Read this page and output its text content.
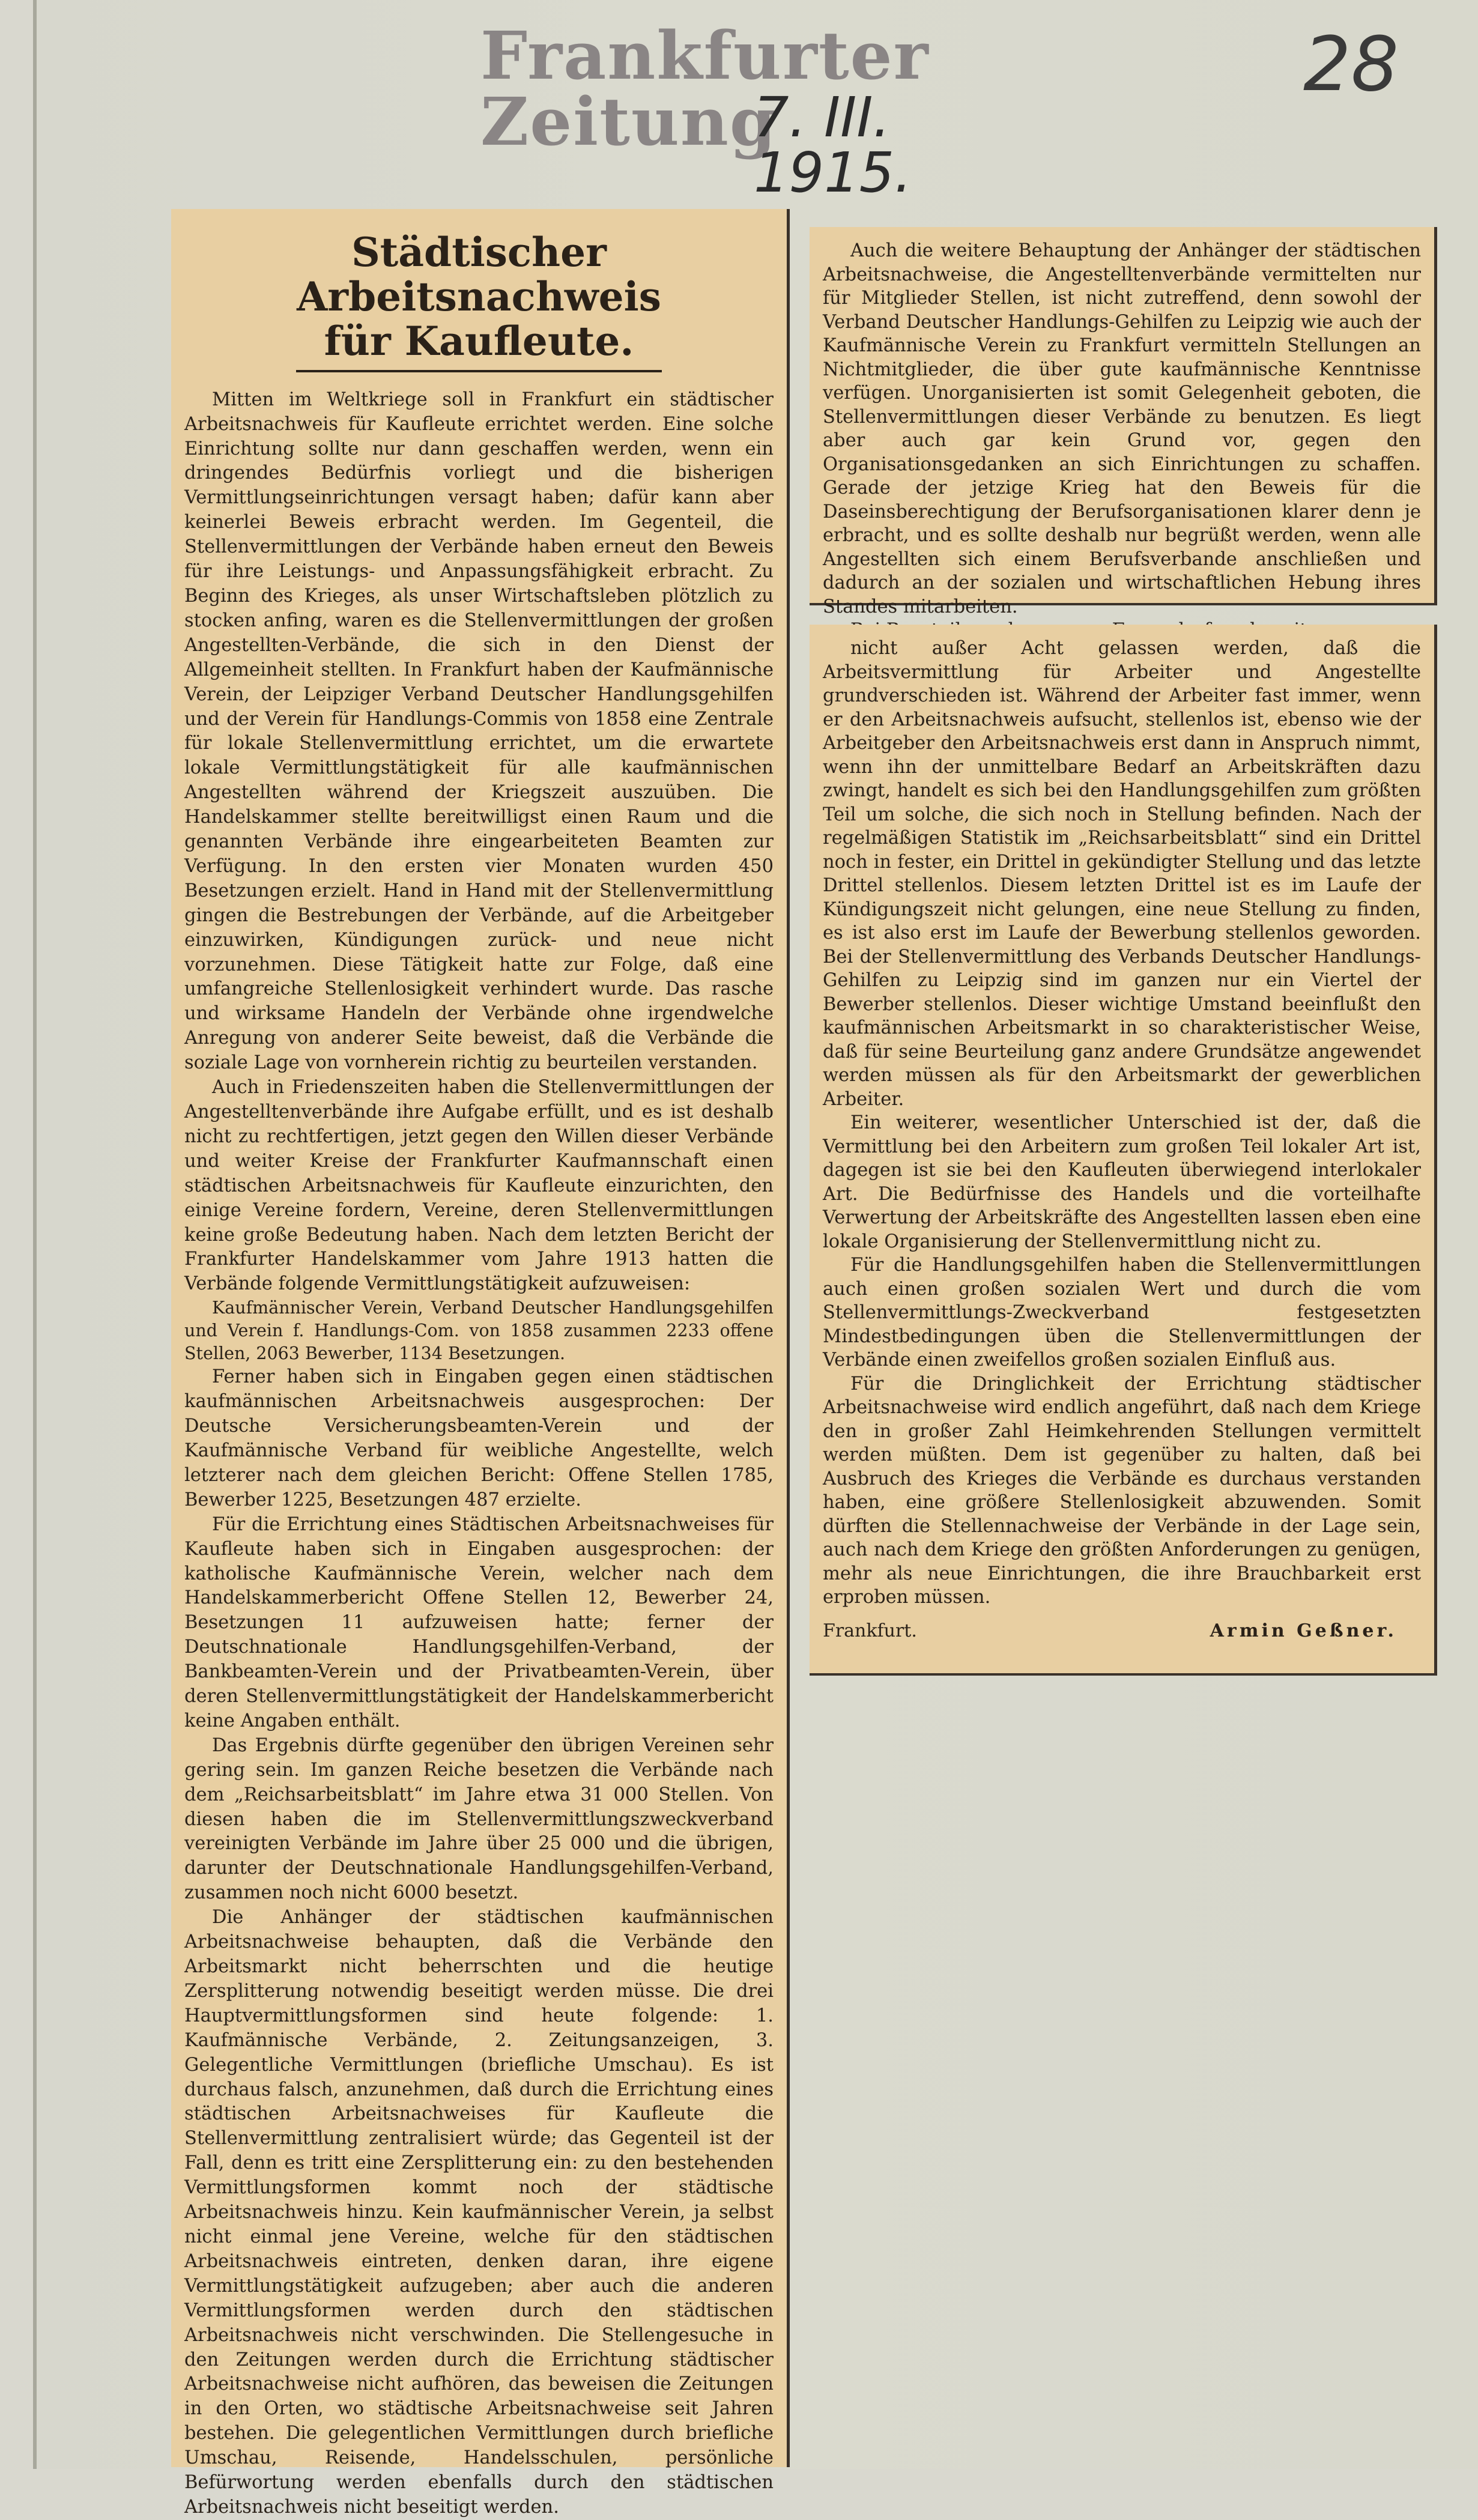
Frankfurter Zeitung
7. III. 1915.
28
Städtischer Arbeitsnachweis
für Kaufleute.

Mitten im Weltkriege soll in Frankfurt ein städtischer Arbeitsnachweis für Kaufleute errichtet werden. Eine solche Einrichtung sollte nur dann geschaffen werden, wenn ein dringendes Bedürfnis vorliegt und die bisherigen Vermittlungseinrichtungen versagt haben; dafür kann aber keinerlei Beweis erbracht werden. Im Gegenteil, die Stellenvermittlungen der Verbände haben erneut den Beweis für ihre Leistungs- und Anpassungsfähigkeit erbracht. Zu Beginn des Krieges, als unser Wirtschaftsleben plötzlich zu stocken anfing, waren es die Stellenvermittlungen der großen Angestellten-Verbände, die sich in den Dienst der Allgemeinheit stellten. In Frankfurt haben der Kaufmännische Verein, der Leipziger Verband Deutscher Handlungsgehilfen und der Verein für Handlungs-Commis von 1858 eine Zentrale für lokale Stellenvermittlung errichtet, um die erwartete lokale Vermittlungstätigkeit für alle kaufmännischen Angestellten während der Kriegszeit auszuüben. Die Handelskammer stellte bereitwilligst einen Raum und die genannten Verbände ihre eingearbeiteten Beamten zur Verfügung. In den ersten vier Monaten wurden 450 Besetzungen erzielt. Hand in Hand mit der Stellenvermittlung gingen die Bestrebungen der Verbände, auf die Arbeitgeber einzuwirken, Kündigungen zurück- und neue nicht vorzunehmen. Diese Tätigkeit hatte zur Folge, daß eine umfangreiche Stellenlosigkeit verhindert wurde. Das rasche und wirksame Handeln der Verbände ohne irgendwelche Anregung von anderer Seite beweist, daß die Verbände die soziale Lage von vornherein richtig zu beurteilen verstanden.

Auch in Friedenszeiten haben die Stellenvermittlungen der Angestelltenverbände ihre Aufgabe erfüllt, und es ist deshalb nicht zu rechtfertigen, jetzt gegen den Willen dieser Verbände und weiter Kreise der Frankfurter Kaufmannschaft einen städtischen Arbeitsnachweis für Kaufleute einzurichten, den einige Vereine fordern, Vereine, deren Stellenvermittlungen keine große Bedeutung haben. Nach dem letzten Bericht der Frankfurter Handelskammer vom Jahre 1913 hatten die Verbände folgende Vermittlungstätigkeit aufzuweisen:

Kaufmännischer Verein, Verband Deutscher Handlungsgehilfen und Verein f. Handlungs-Com. von 1858 zusammen 2233 offene Stellen, 2063 Bewerber, 1134 Besetzungen.

Ferner haben sich in Eingaben gegen einen städtischen kaufmännischen Arbeitsnachweis ausgesprochen: Der Deutsche Versicherungsbeamten-Verein und der Kaufmännische Verband für weibliche Angestellte, welch letzterer nach dem gleichen Bericht: Offene Stellen 1785, Bewerber 1225, Besetzungen 487 erzielte.

Für die Errichtung eines Städtischen Arbeitsnachweises für Kaufleute haben sich in Eingaben ausgesprochen: der katholische Kaufmännische Verein, welcher nach dem Handelskammerbericht Offene Stellen 12, Bewerber 24, Besetzungen 11 aufzuweisen hatte; ferner der Deutschnationale Handlungsgehilfen-Verband, der Bankbeamten-Verein und der Privatbeamten-Verein, über deren Stellenvermittlungstätigkeit der Handelskammerbericht keine Angaben enthält.

Das Ergebnis dürfte gegenüber den übrigen Vereinen sehr gering sein. Im ganzen Reiche besetzen die Verbände nach dem „Reichsarbeitsblatt“ im Jahre etwa 31 000 Stellen. Von diesen haben die im Stellenvermittlungszweckverband vereinigten Verbände im Jahre über 25 000 und die übrigen, darunter der Deutschnationale Handlungsgehilfen-Verband, zusammen noch nicht 6000 besetzt.

Die Anhänger der städtischen kaufmännischen Arbeitsnachweise behaupten, daß die Verbände den Arbeitsmarkt nicht beherrschten und die heutige Zersplitterung notwendig beseitigt werden müsse. Die drei Hauptvermittlungsformen sind heute folgende: 1. Kaufmännische Verbände, 2. Zeitungsanzeigen, 3. Gelegentliche Vermittlungen (briefliche Umschau). Es ist durchaus falsch, anzunehmen, daß durch die Errichtung eines städtischen Arbeitsnachweises für Kaufleute die Stellenvermittlung zentralisiert würde; das Gegenteil ist der Fall, denn es tritt eine Zersplitterung ein: zu den bestehenden Vermittlungsformen kommt noch der städtische Arbeitsnachweis hinzu. Kein kaufmännischer Verein, ja selbst nicht einmal jene Vereine, welche für den städtischen Arbeitsnachweis eintreten, denken daran, ihre eigene Vermittlungstätigkeit aufzugeben; aber auch die anderen Vermittlungsformen werden durch den städtischen Arbeitsnachweis nicht verschwinden. Die Stellengesuche in den Zeitungen werden durch die Errichtung städtischer Arbeitsnachweise nicht aufhören, das beweisen die Zeitungen in den Orten, wo städtische Arbeitsnachweise seit Jahren bestehen. Die gelegentlichen Vermittlungen durch briefliche Umschau, Reisende, Handelsschulen, persönliche Befürwortung werden ebenfalls durch den städtischen Arbeitsnachweis nicht beseitigt werden.

Auch die weitere Behauptung der Anhänger der städtischen Arbeitsnachweise, die Angestelltenverbände vermittelten nur für Mitglieder Stellen, ist nicht zutreffend, denn sowohl der Verband Deutscher Handlungs-Gehilfen zu Leipzig wie auch der Kaufmännische Verein zu Frankfurt vermitteln Stellungen an Nichtmitglieder, die über gute kaufmännische Kenntnisse verfügen. Unorganisierten ist somit Gelegenheit geboten, die Stellenvermittlungen dieser Verbände zu benutzen. Es liegt aber auch gar kein Grund vor, gegen den Organisationsgedanken an sich Einrichtungen zu schaffen. Gerade der jetzige Krieg hat den Beweis für die Daseinsberechtigung der Berufsorganisationen klarer denn je erbracht, und es sollte deshalb nur begrüßt werden, wenn alle Angestellten sich einem Berufsverbande anschließen und dadurch an der sozialen und wirtschaftlichen Hebung ihres Standes mitarbeiten.

nicht außer Acht gelassen werden, daß die Arbeitsvermittlung für Arbeiter und Angestellte grundverschieden ist. Während der Arbeiter fast immer, wenn er den Arbeitsnachweis aufsucht, stellenlos ist, ebenso wie der Arbeitgeber den Arbeitsnachweis erst dann in Anspruch nimmt, wenn ihn der unmittelbare Bedarf an Arbeitskräften dazu zwingt, handelt es sich bei den Handlungsgehilfen zum größten Teil um solche, die sich noch in Stellung befinden. Nach der regelmäßigen Statistik im „Reichsarbeitsblatt“ sind ein Drittel noch in fester, ein Drittel in gekündigter Stellung und das letzte Drittel stellenlos. Diesem letzten Drittel ist es im Laufe der Kündigungszeit nicht gelungen, eine neue Stellung zu finden, es ist also erst im Laufe der Bewerbung stellenlos geworden. Bei der Stellenvermittlung des Verbands Deutscher Handlungs-Gehilfen zu Leipzig sind im ganzen nur ein Viertel der Bewerber stellenlos. Dieser wichtige Umstand beeinflußt den kaufmännischen Arbeitsmarkt in so charakteristischer Weise, daß für seine Beurteilung ganz andere Grundsätze angewendet werden müssen als für den Arbeitsmarkt der gewerblichen Arbeiter.

Ein weiterer, wesentlicher Unterschied ist der, daß die Vermittlung bei den Arbeitern zum großen Teil lokaler Art ist, dagegen ist sie bei den Kaufleuten überwiegend interlokaler Art. Die Bedürfnisse des Handels und die vorteilhafte Verwertung der Arbeitskräfte des Angestellten lassen eben eine lokale Organisierung der Stellenvermittlung nicht zu.

Für die Handlungsgehilfen haben die Stellenvermittlungen auch einen großen sozialen Wert und durch die vom Stellenvermittlungs-Zweckverband festgesetzten Mindestbedingungen üben die Stellenvermittlungen der Verbände einen zweifellos großen sozialen Einfluß aus.

Für die Dringlichkeit der Errichtung städtischer Arbeitsnachweise wird endlich angeführt, daß nach dem Kriege den in großer Zahl Heimkehrenden Stellungen vermittelt werden müßten. Dem ist gegenüber zu halten, daß bei Ausbruch des Krieges die Verbände es durchaus verstanden haben, eine größere Stellenlosigkeit abzuwenden. Somit dürften die Stellennachweise der Verbände in der Lage sein, auch nach dem Kriege den größten Anforderungen zu genügen, mehr als neue Einrichtungen, die ihre Brauchbarkeit erst erproben müssen.

Frankfurt.	Armin Geßner.
